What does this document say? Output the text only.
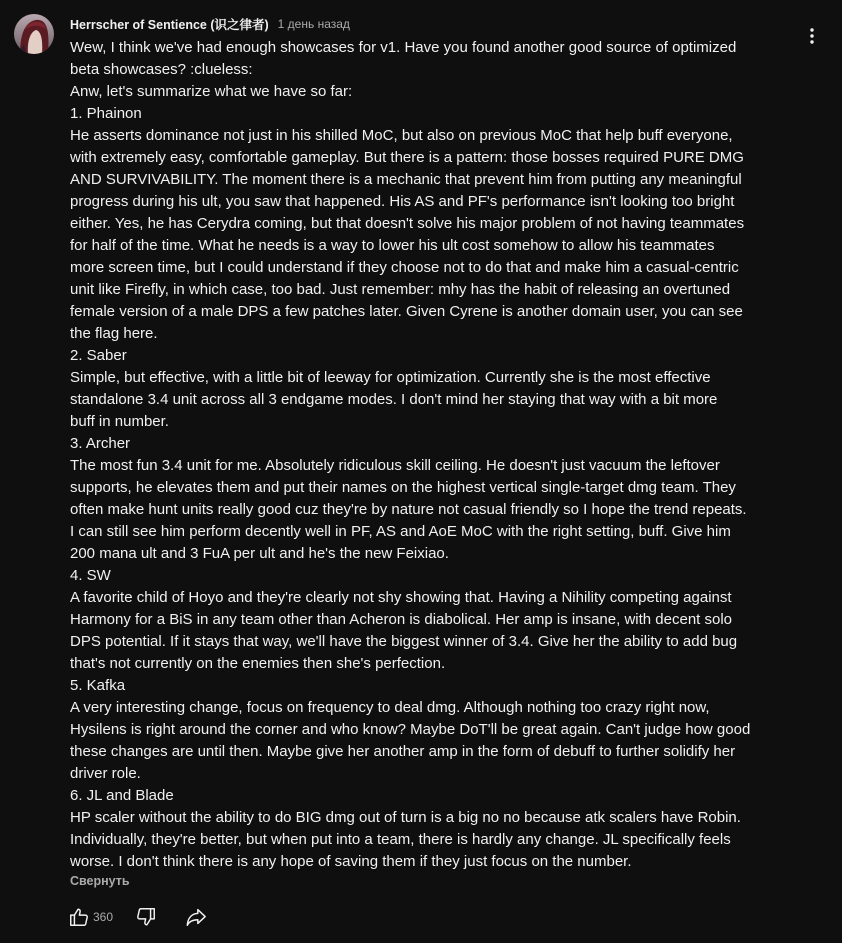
Herrscher of Sentience (识之律者) 1 день назад
Wew, I think we've had enough showcases for v1. Have you found another good source of optimized
beta showcases? :clueless:
Anw, let's summarize what we have so far:
1. Phainon
He asserts dominance not just in his shilled MoC, but also on previous MoC that help buff everyone,
with extremely easy, comfortable gameplay. But there is a pattern: those bosses required PURE DMG
AND SURVIVABILITY. The moment there is a mechanic that prevent him from putting any meaningful
progress during his ult, you saw that happened. His AS and PF's performance isn't looking too bright
either. Yes, he has Cerydra coming, but that doesn't solve his major problem of not having teammates
for half of the time. What he needs is a way to lower his ult cost somehow to allow his teammates
more screen time, but I could understand if they choose not to do that and make him a casual-centric
unit like Firefly, in which case, too bad. Just remember: mhy has the habit of releasing an overtuned
female version of a male DPS a few patches later. Given Cyrene is another domain user, you can see
the flag here.
2. Saber
Simple, but effective, with a little bit of leeway for optimization. Currently she is the most effective
standalone 3.4 unit across all 3 endgame modes. I don't mind her staying that way with a bit more
buff in number.
3. Archer
The most fun 3.4 unit for me. Absolutely ridiculous skill ceiling. He doesn't just vacuum the leftover
supports, he elevates them and put their names on the highest vertical single-target dmg team. They
often make hunt units really good cuz they're by nature not casual friendly so I hope the trend repeats.
I can still see him perform decently well in PF, AS and AoE MoC with the right setting, buff. Give him
200 mana ult and 3 FuA per ult and he's the new Feixiao.
4. SW
A favorite child of Hoyo and they're clearly not shy showing that. Having a Nihility competing against
Harmony for a BiS in any team other than Acheron is diabolical. Her amp is insane, with decent solo
DPS potential. If it stays that way, we'll have the biggest winner of 3.4. Give her the ability to add bug
that's not currently on the enemies then she's perfection.
5. Kafka
A very interesting change, focus on frequency to deal dmg. Although nothing too crazy right now,
Hysilens is right around the corner and who know? Maybe DoT'll be great again. Can't judge how good
these changes are until then. Maybe give her another amp in the form of debuff to further solidify her
driver role.
6. JL and Blade
HP scaler without the ability to do BIG dmg out of turn is a big no no because atk scalers have Robin.
Individually, they're better, but when put into a team, there is hardly any change. JL specifically feels
worse. I don't think there is any hope of saving them if they just focus on the number.
Свернуть
360
